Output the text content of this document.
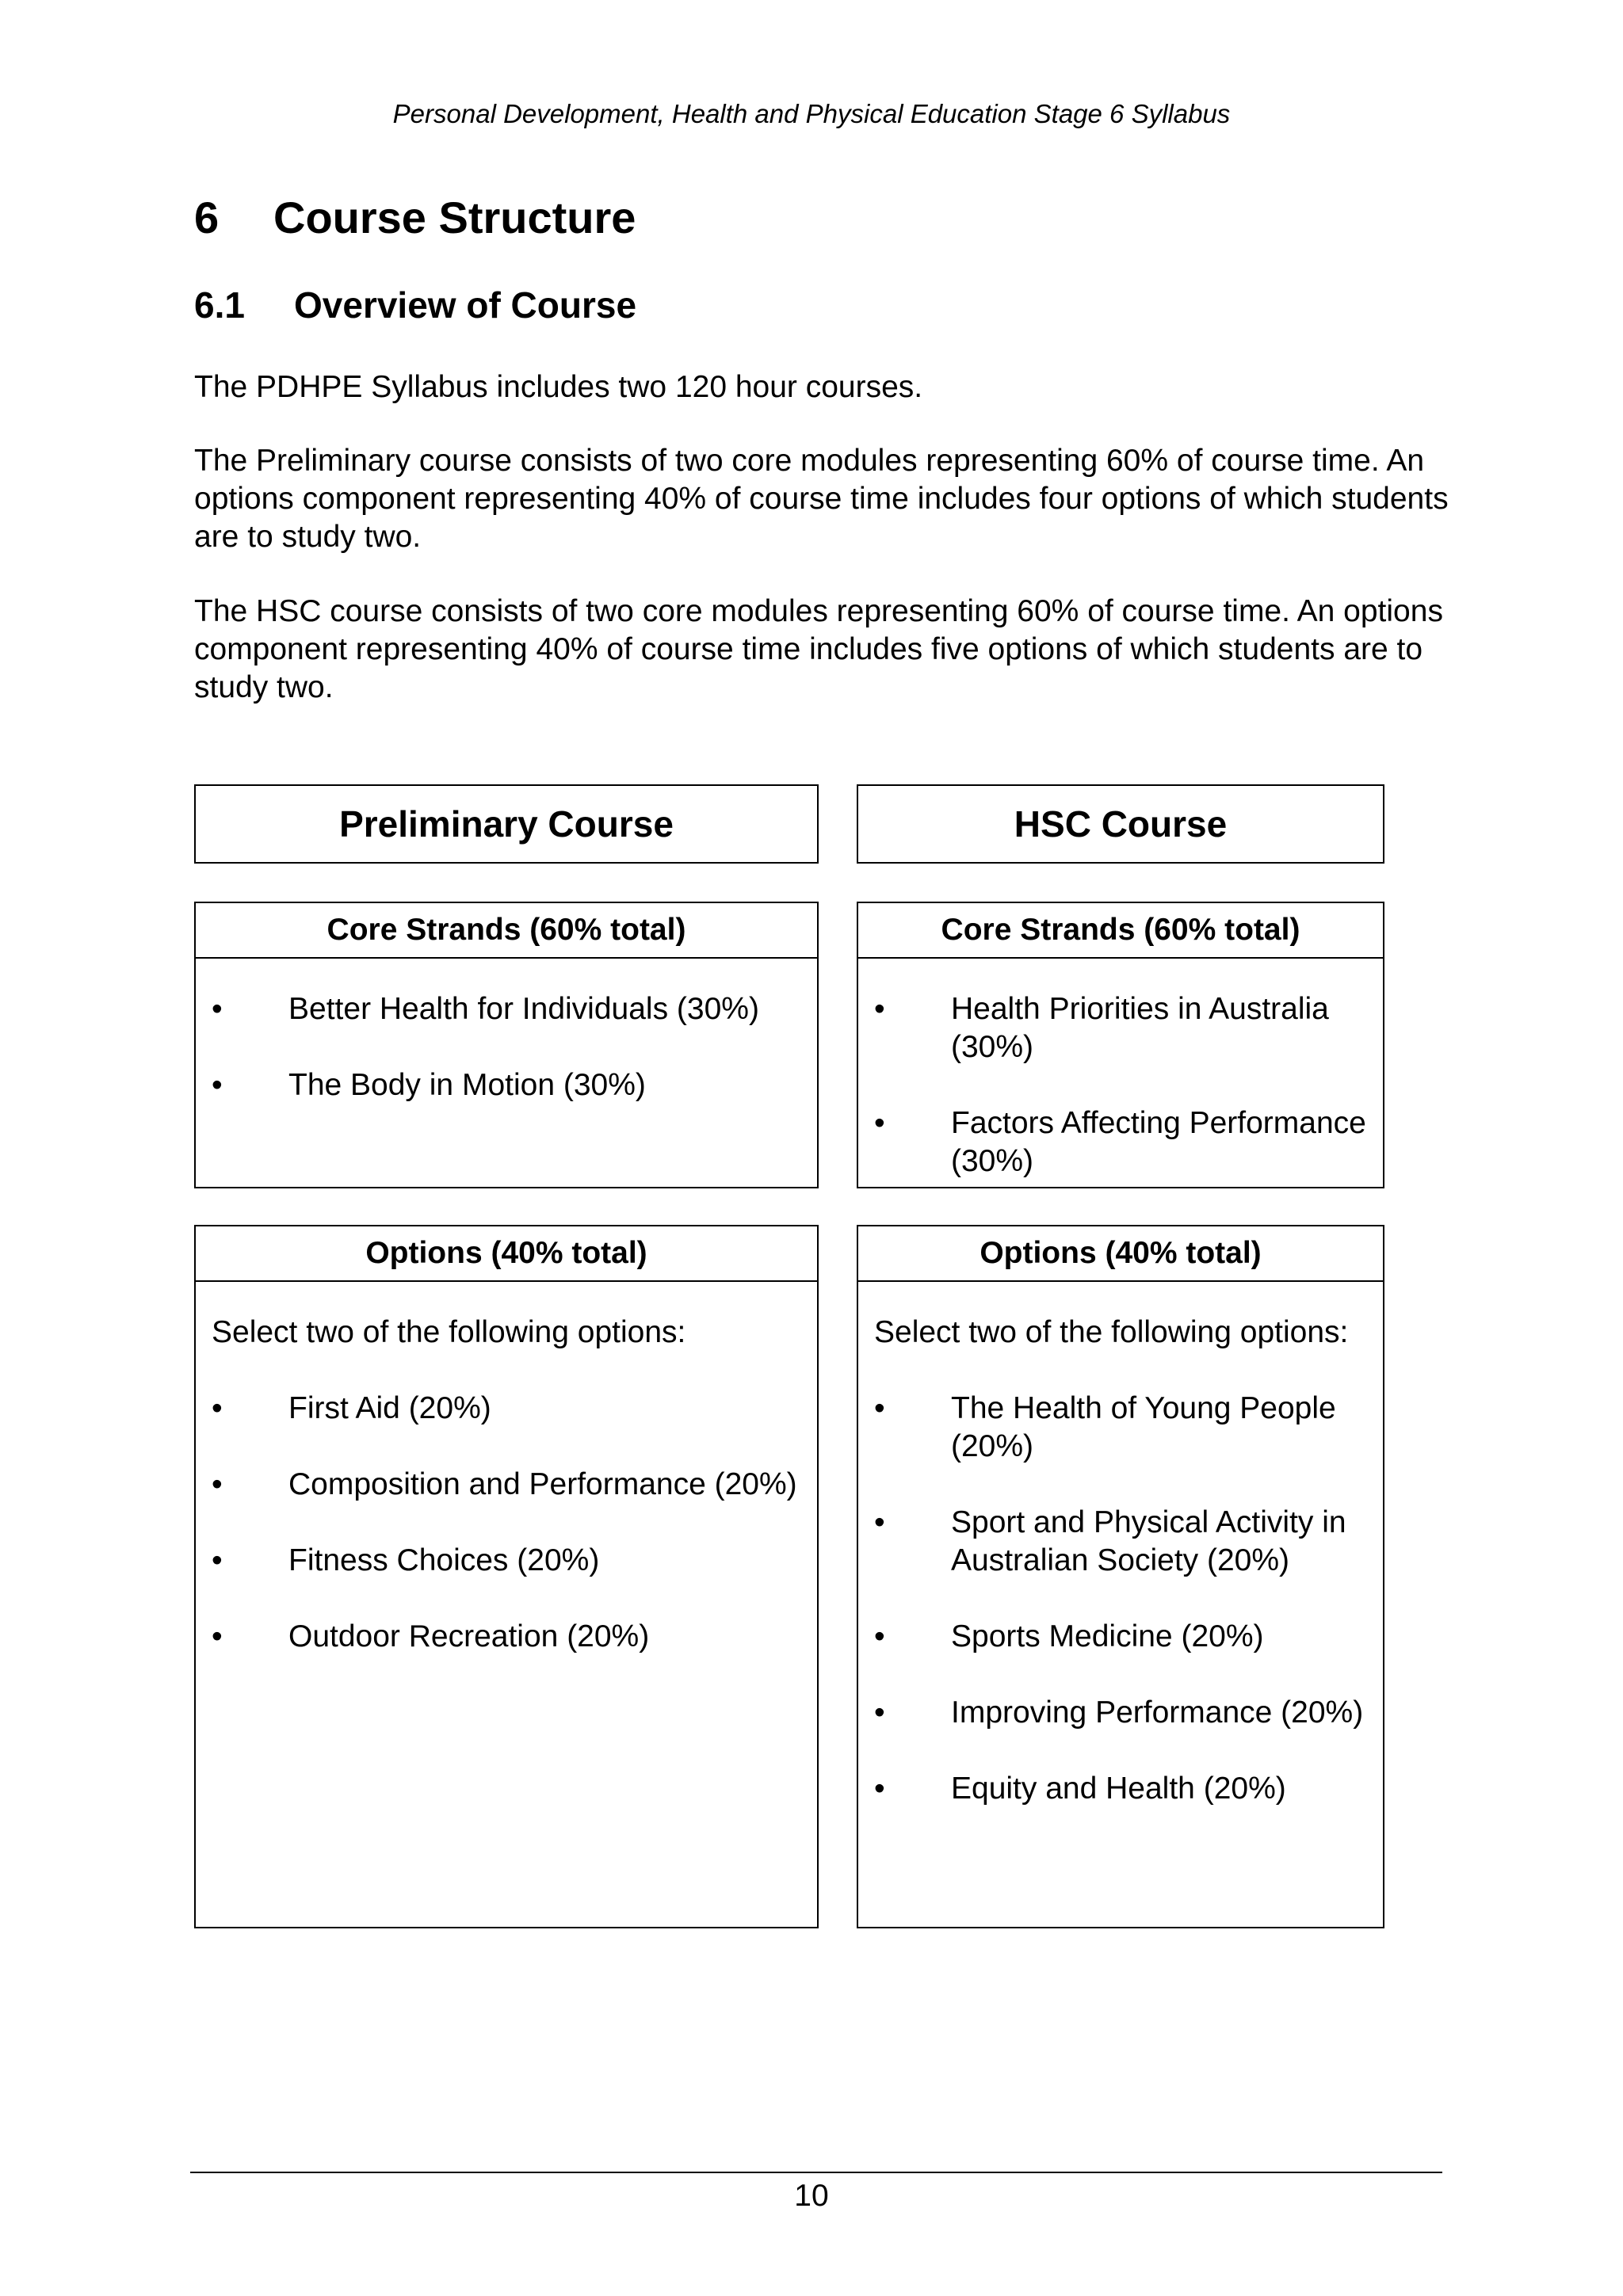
Personal Development, Health and Physical Education Stage 6 Syllabus
6 Course Structure
6.1 Overview of Course

The PDHPE Syllabus includes two 120 hour courses.

The Preliminary course consists of two core modules representing 60% of course time. An options component representing 40% of course time includes four options of which students are to study two.

The HSC course consists of two core modules representing 60% of course time. An options component representing 40% of course time includes five options of which students are to study two.

Preliminary Course	HSC Course
Core Strands (60% total)
•	Better Health for Individuals (30%)
•	The Body in Motion (30%)
Core Strands (60% total)
•	Health Priorities in Australia (30%)
•	Factors Affecting Performance (30%)
Options (40% total)

Select two of the following options:

•	First Aid (20%)
•	Composition and Performance (20%)
•	Fitness Choices (20%)
•	Outdoor Recreation (20%)
Options (40% total)

Select two of the following options:

•	The Health of Young People (20%)
•	Sport and Physical Activity in Australian Society (20%)
•	Sports Medicine (20%)
•	Improving Performance (20%)
•	Equity and Health (20%)
10
